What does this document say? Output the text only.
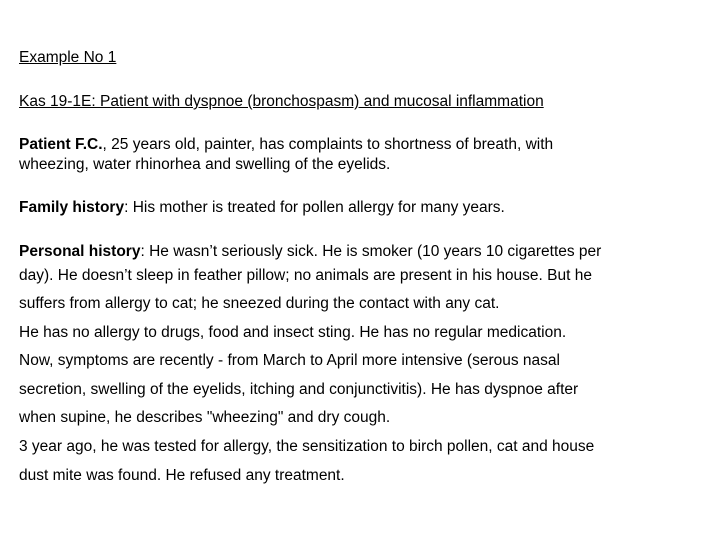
Example No 1
Kas 19-1E: Patient with dyspnoe (bronchospasm) and mucosal inflammation
Patient F.C., 25 years old, painter, has complaints to shortness of breath, with
wheezing, water rhinorhea and swelling of the eyelids.
Family history: His mother is treated for pollen allergy for many years.
Personal history: He wasn’t seriously sick. He is smoker (10 years 10 cigarettes per
day). He doesn’t sleep in feather pillow; no animals are present in his house. But he
suffers from allergy to cat; he sneezed during the contact with any cat.
He has no allergy to drugs, food and insect sting. He has no regular medication.
Now, symptoms are recently - from March to April more intensive (serous nasal
secretion, swelling of the eyelids, itching and conjunctivitis). He has dyspnoe after
when supine, he describes "wheezing" and dry cough.
3 year ago, he was tested for allergy, the sensitization to birch pollen, cat and house
dust mite was found. He refused any treatment.
